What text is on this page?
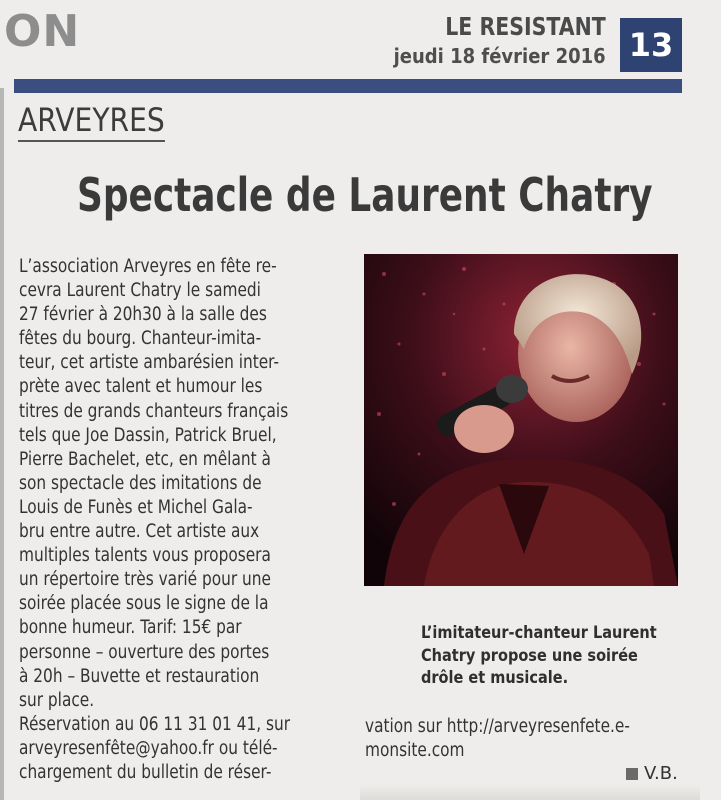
ON	LE RESISTANT
jeudi 18 février 2016 13
ARVEYRES
Spectacle de Laurent Chatry

L’association Arveyres en fête re-
cevra Laurent Chatry le samedi
27 février à 20h30 à la salle des
fêtes du bourg. Chanteur-imita-
teur, cet artiste ambarésien inter-
prète avec talent et humour les
titres de grands chanteurs français
tels que Joe Dassin, Patrick Bruel,
Pierre Bachelet, etc, en mêlant à
son spectacle des imitations de
Louis de Funès et Michel Gala-
bru entre autre. Cet artiste aux
multiples talents vous proposera
un répertoire très varié pour une
soirée placée sous le signe de la
bonne humeur. Tarif: 15€ par
personne – ouverture des portes
à 20h – Buvette et restauration
sur place.

Réservation au 06 11 31 01 41, sur
arveyresenfête@yahoo.fr ou télé-
chargement du bulletin de réser-

L’imitateur-chanteur Laurent
Chatry propose une soirée
drôle et musicale.
vation sur http://arveyresenfete.e-
monsite.com
V.B.
